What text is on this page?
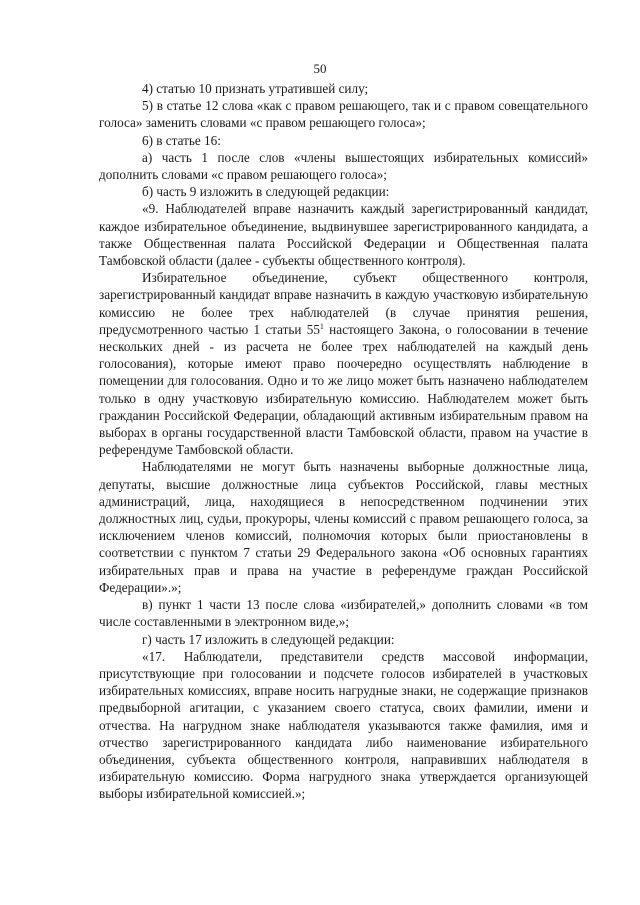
50

4) статью 10 признать утратившей силу;

5) в статье 12 слова «как с правом решающего, так и с правом совещательного голоса» заменить словами «с правом решающего голоса»;

6) в статье 16:

а) часть 1 после слов «члены вышестоящих избирательных комиссий» дополнить словами «с правом решающего голоса»;

б) часть 9 изложить в следующей редакции:

«9. Наблюдателей вправе назначить каждый зарегистрированный кандидат, каждое избирательное объединение, выдвинувшее зарегистрированного кандидата, а также Общественная палата Российской Федерации и Общественная палата Тамбовской области (далее - субъекты общественного контроля).

Избирательное объединение, субъект общественного контроля, зарегистрированный кандидат вправе назначить в каждую участковую избирательную комиссию не более трех наблюдателей (в случае принятия решения, предусмотренного частью 1 статьи $55^1$ настоящего Закона, о голосовании в течение нескольких дней - из расчета не более трех наблюдателей на каждый день голосования), которые имеют право поочередно осуществлять наблюдение в помещении для голосования. Одно и то же лицо может быть назначено наблюдателем только в одну участковую избирательную комиссию. Наблюдателем может быть гражданин Российской Федерации, обладающий активным избирательным правом на выборах в органы государственной власти Тамбовской области, правом на участие в референдуме Тамбовской области.

Наблюдателями не могут быть назначены выборные должностные лица, депутаты, высшие должностные лица субъектов Российской, главы местных администраций, лица, находящиеся в непосредственном подчинении этих должностных лиц, судьи, прокуроры, члены комиссий с правом решающего голоса, за исключением членов комиссий, полномочия которых были приостановлены в соответствии с пунктом 7 статьи 29 Федерального закона «Об основных гарантиях избирательных прав и права на участие в референдуме граждан Российской Федерации».»;

в) пункт 1 части 13 после слова «избирателей,» дополнить словами «в том числе составленными в электронном виде,»;

г) часть 17 изложить в следующей редакции:

«17. Наблюдатели, представители средств массовой информации, присутствующие при голосовании и подсчете голосов избирателей в участковых избирательных комиссиях, вправе носить нагрудные знаки, не содержащие признаков предвыборной агитации, с указанием своего статуса, своих фамилии, имени и отчества. На нагрудном знаке наблюдателя указываются также фамилия, имя и отчество зарегистрированного кандидата либо наименование избирательного объединения, субъекта общественного контроля, направивших наблюдателя в избирательную комиссию. Форма нагрудного знака утверждается организующей выборы избирательной комиссией.»;
